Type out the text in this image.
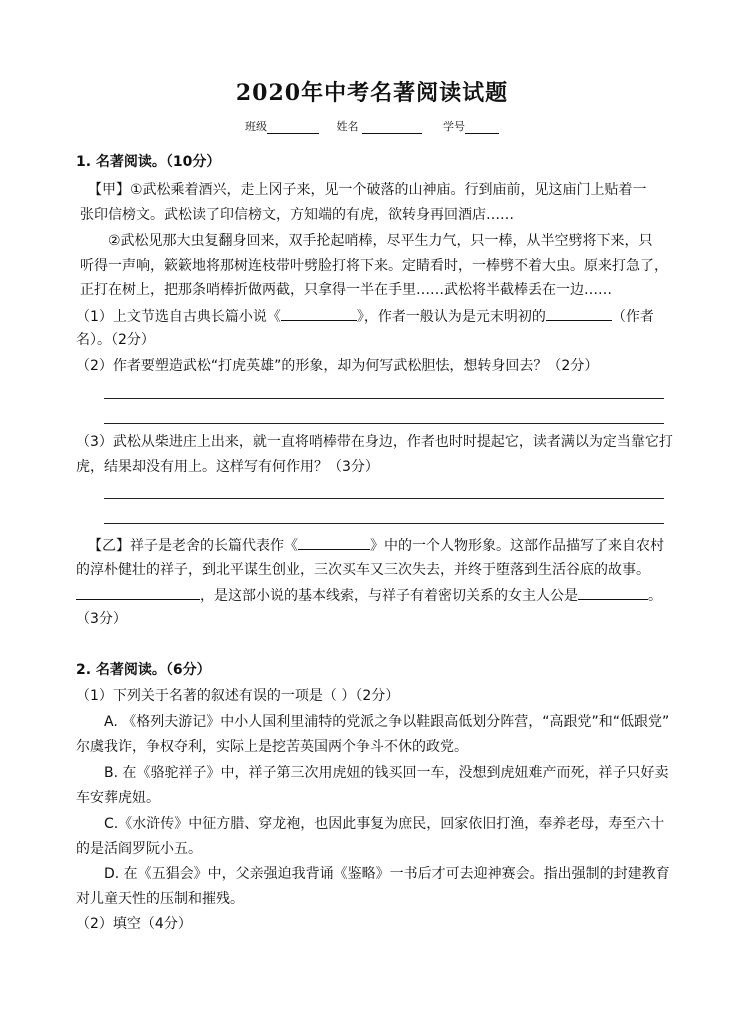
2020年中考名著阅读试题
班级	姓名	学号
1. 名著阅读。（10分）
【甲】①武松乘着酒兴，走上冈子来，见一个破落的山神庙。行到庙前，见这庙门上贴着一
张印信榜文。武松读了印信榜文，方知端的有虎，欲转身再回酒店……
②武松见那大虫复翻身回来，双手抡起哨棒，尽平生力气，只一棒，从半空劈将下来，只
听得一声响，簌簌地将那树连枝带叶劈脸打将下来。定睛看时，一棒劈不着大虫。原来打急了，
正打在树上，把那条哨棒折做两截，只拿得一半在手里……武松将半截棒丢在一边……
（1）上文节选自古典长篇小说《	》，作者一般认为是元末明初的	（作者
名）。（2分）
（2）作者要塑造武松“打虎英雄”的形象，却为何写武松胆怯，想转身回去？（2分）
（3）武松从柴进庄上出来，就一直将哨棒带在身边，作者也时时提起它，读者满以为定当靠它打
虎，结果却没有用上。这样写有何作用？（3分）
【乙】祥子是老舍的长篇代表作《	》中的一个人物形象。这部作品描写了来自农村
的淳朴健壮的祥子，到北平谋生创业，三次买车又三次失去，并终于堕落到生活谷底的故事。
，是这部小说的基本线索，与祥子有着密切关系的女主人公是	。
（3分）
2. 名著阅读。（6分）
（1）下列关于名著的叙述有误的一项是（ ）（2分）
A. 《格列夫游记》中小人国利里浦特的党派之争以鞋跟高低划分阵营，“高跟党”和“低跟党”
尔虞我诈，争权夺利，实际上是挖苦英国两个争斗不休的政党。
B. 在《骆驼祥子》中，祥子第三次用虎妞的钱买回一车，没想到虎妞难产而死，祥子只好卖
车安葬虎妞。
C.《水浒传》中征方腊、穿龙袍，也因此事复为庶民，回家依旧打渔，奉养老母，寿至六十
的是活阎罗阮小五。
D. 在《五猖会》中，父亲强迫我背诵《鉴略》一书后才可去迎神赛会。指出强制的封建教育
对儿童天性的压制和摧残。
（2）填空（4分）
